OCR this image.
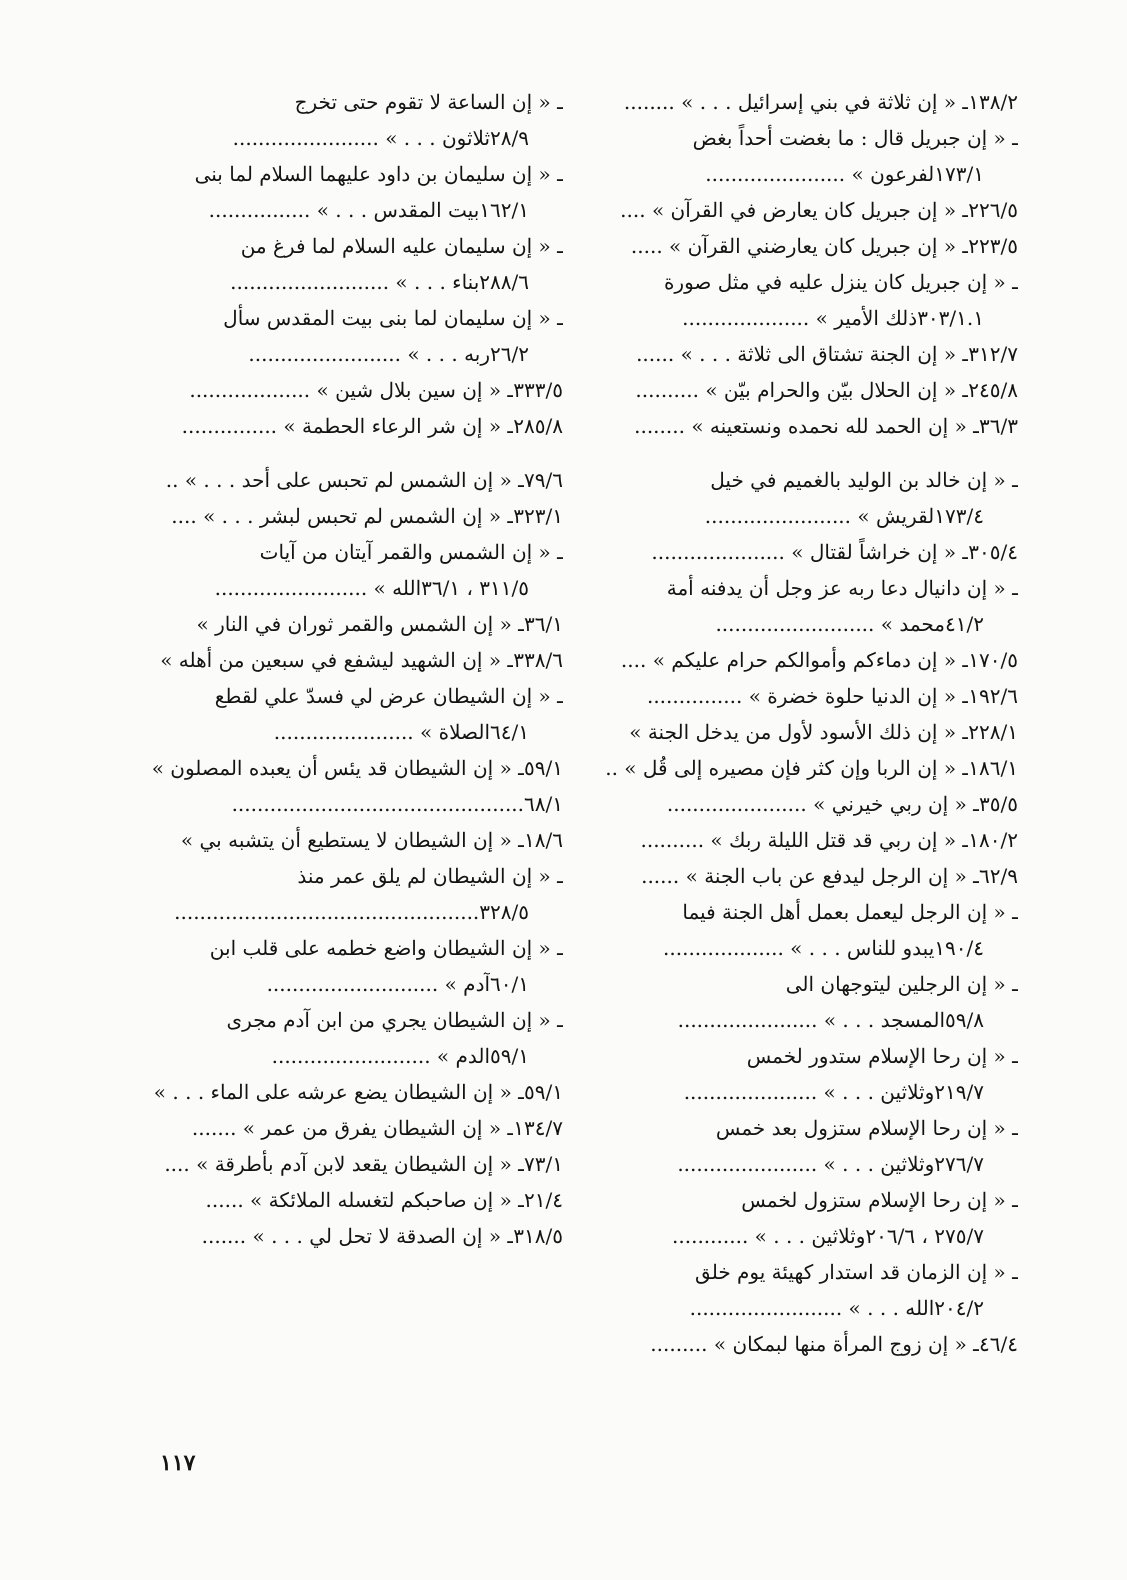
ـ « إن ثلاثة في بني إسرائيل . . . » ........ ١٣٨/٢
ـ « إن جبريل قال : ما بغضت أحداً بغض
لفرعون » ...................... ١٧٣/١
ـ « إن جبريل كان يعارض في القرآن » .... ٢٢٦/٥
ـ « إن جبريل كان يعارضني القرآن » ..... ٢٢٣/٥
ـ « إن جبريل كان ينزل عليه في مثل صورة
ذلك الأمير » .................... ٣٠٣/١.١
ـ « إن الجنة تشتاق الى ثلاثة . . . » ...... ٣١٢/٧
ـ « إن الحلال بيّن والحرام بيّن » .......... ٢٤٥/٨
ـ « إن الحمد لله نحمده ونستعينه » ........ ٣٦/٣
ـ « إن خالد بن الوليد بالغميم في خيل
لقريش » ....................... ١٧٣/٤
ـ « إن خراشاً لقتال » ..................... ٣٠٥/٤
ـ « إن دانيال دعا ربه عز وجل أن يدفنه أمة
محمد » ......................... ٤١/٢
ـ « إن دماءكم وأموالكم حرام عليكم » .... ١٧٠/٥
ـ « إن الدنيا حلوة خضرة » ............... ١٩٢/٦
ـ « إن ذلك الأسود لأول من يدخل الجنة » ٢٢٨/١
ـ « إن الربا وإن كثر فإن مصيره إلى قُل » .. ١٨٦/١
ـ « إن ربي خيرني » ...................... ٣٥/٥
ـ « إن ربي قد قتل الليلة ربك » .......... ١٨٠/٢
ـ « إن الرجل ليدفع عن باب الجنة » ...... ٦٢/٩
ـ « إن الرجل ليعمل بعمل أهل الجنة فيما
يبدو للناس . . . » ................... ١٩٠/٤
ـ « إن الرجلين ليتوجهان الى
المسجد . . . » ...................... ٥٩/٨
ـ « إن رحا الإسلام ستدور لخمس
وثلاثين . . . » ..................... ٢١٩/٧
ـ « إن رحا الإسلام ستزول بعد خمس
وثلاثين . . . » ...................... ٢٧٦/٧
ـ « إن رحا الإسلام ستزول لخمس
وثلاثين . . . » ............ ٢٧٥/٧ ، ٢٠٦/٦
ـ « إن الزمان قد استدار كهيئة يوم خلق
الله . . . » ........................ ٢٠٤/٢
ـ « إن زوج المرأة منها لبمكان » ......... ٤٦/٤
ـ « إن الساعة لا تقوم حتى تخرج
ثلاثون . . . » ....................... ٢٨/٩
ـ « إن سليمان بن داود عليهما السلام لما بنى
بيت المقدس . . . » ................ ١٦٢/١
ـ « إن سليمان عليه السلام لما فرغ من
بناء . . . » ......................... ٢٨٨/٦
ـ « إن سليمان لما بنى بيت المقدس سأل
ربه . . . » ........................ ٢٦/٢
ـ « إن سين بلال شين » ................... ٣٣٣/٥
ـ « إن شر الرعاء الحطمة » ............... ٢٨٥/٨
ـ « إن الشمس لم تحبس على أحد . . . » .. ٧٩/٦
ـ « إن الشمس لم تحبس لبشر . . . » .... ٣٢٣/١
ـ « إن الشمس والقمر آيتان من آيات
الله » ........................ ٣١١/٥ ، ٣٦/١
ـ « إن الشمس والقمر ثوران في النار » ٣٦/١
ـ « إن الشهيد ليشفع في سبعين من أهله » ٣٣٨/٦
ـ « إن الشيطان عرض لي فسدّ علي لقطع
الصلاة » ...................... ٦٤/١
ـ « إن الشيطان قد يئس أن يعبده المصلون » ٥٩/١
.............................................. ٦٨/١
ـ « إن الشيطان لا يستطيع أن يتشبه بي » ١٨/٦
ـ « إن الشيطان لم يلق عمر منذ
................................................ ٣٢٨/٥
ـ « إن الشيطان واضع خطمه على قلب ابن
آدم » ........................... ٦٠/١
ـ « إن الشيطان يجري من ابن آدم مجرى
الدم » ......................... ٥٩/١
ـ « إن الشيطان يضع عرشه على الماء . . . » ٥٩/١
ـ « إن الشيطان يفرق من عمر » ....... ١٣٤/٧
ـ « إن الشيطان يقعد لابن آدم بأطرقة » .... ٧٣/١
ـ « إن صاحبكم لتغسله الملائكة » ...... ٢١/٤
ـ « إن الصدقة لا تحل لي . . . » ....... ٣١٨/٥
١١٧
